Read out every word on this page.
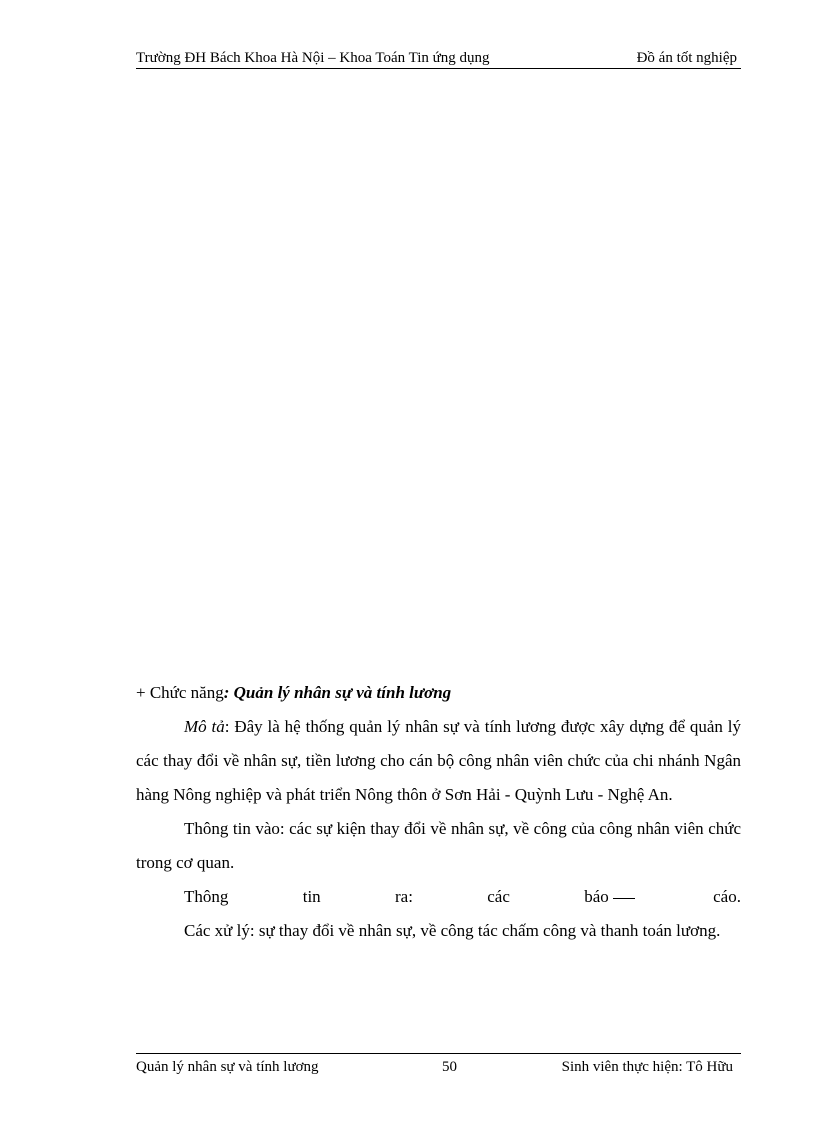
Trường ĐH Bách Khoa Hà Nội – Khoa Toán Tin ứng dụng	Đồ án tốt nghiệp

+ Chức năng: Quản lý nhân sự và tính lương

Mô tả: Đây là hệ thống quản lý nhân sự và tính lương được xây dựng để quản lý các thay đổi về nhân sự, tiền lương cho cán bộ công nhân viên chức của chi nhánh Ngân hàng Nông nghiệp và phát triển Nông thôn ở Sơn Hải - Quỳnh Lưu - Nghệ An.

Thông tin vào: các sự kiện thay đổi về nhân sự, về công của công nhân viên chức trong cơ quan.

Thông	tin	ra:	các	báo	cáo.

Các xử lý: sự thay đổi về nhân sự, về công tác chấm công và thanh toán lương.

Quản lý nhân sự và tính lương	50	Sinh viên thực hiện: Tô Hữu
